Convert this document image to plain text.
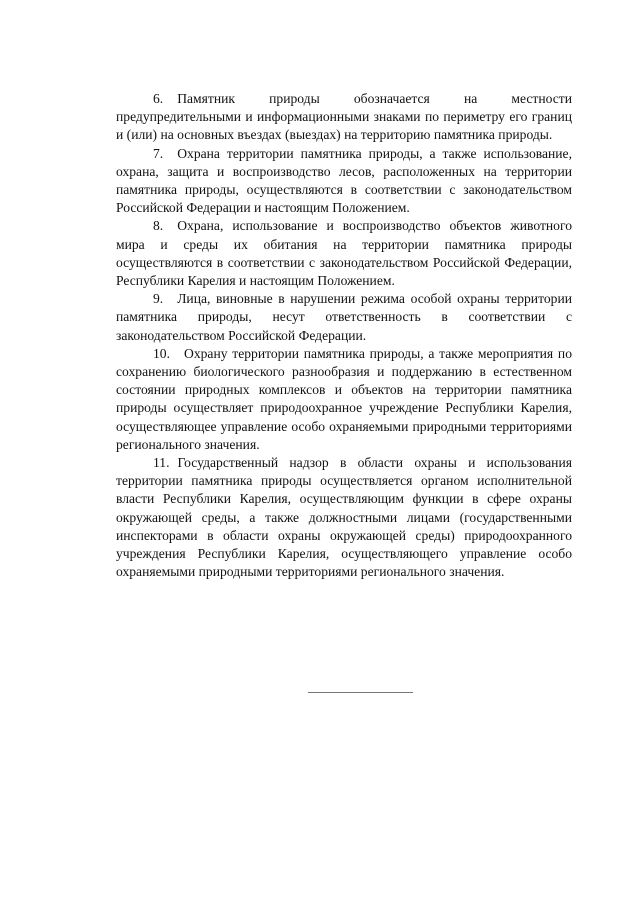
6. Памятник природы обозначается на местности предупредительными и информационными знаками по периметру его границ и (или) на основных въездах (выездах) на территорию памятника природы.

7. Охрана территории памятника природы, а также использование, охрана, защита и воспроизводство лесов, расположенных на территории памятника природы, осуществляются в соответствии с законодательством Российской Федерации и настоящим Положением.

8. Охрана, использование и воспроизводство объектов животного мира и среды их обитания на территории памятника природы осуществляются в соответствии с законодательством Российской Федерации, Республики Карелия и настоящим Положением.

9. Лица, виновные в нарушении режима особой охраны территории памятника природы, несут ответственность в соответствии с законодательством Российской Федерации.

10. Охрану территории памятника природы, а также мероприятия по сохранению биологического разнообразия и поддержанию в естественном состоянии природных комплексов и объектов на территории памятника природы осуществляет природоохранное учреждение Республики Карелия, осуществляющее управление особо охраняемыми природными территориями регионального значения.

11. Государственный надзор в области охраны и использования территории памятника природы осуществляется органом исполнительной власти Республики Карелия, осуществляющим функции в сфере охраны окружающей среды, а также должностными лицами (государственными инспекторами в области охраны окружающей среды) природоохранного учреждения Республики Карелия, осуществляющего управление особо охраняемыми природными территориями регионального значения.
